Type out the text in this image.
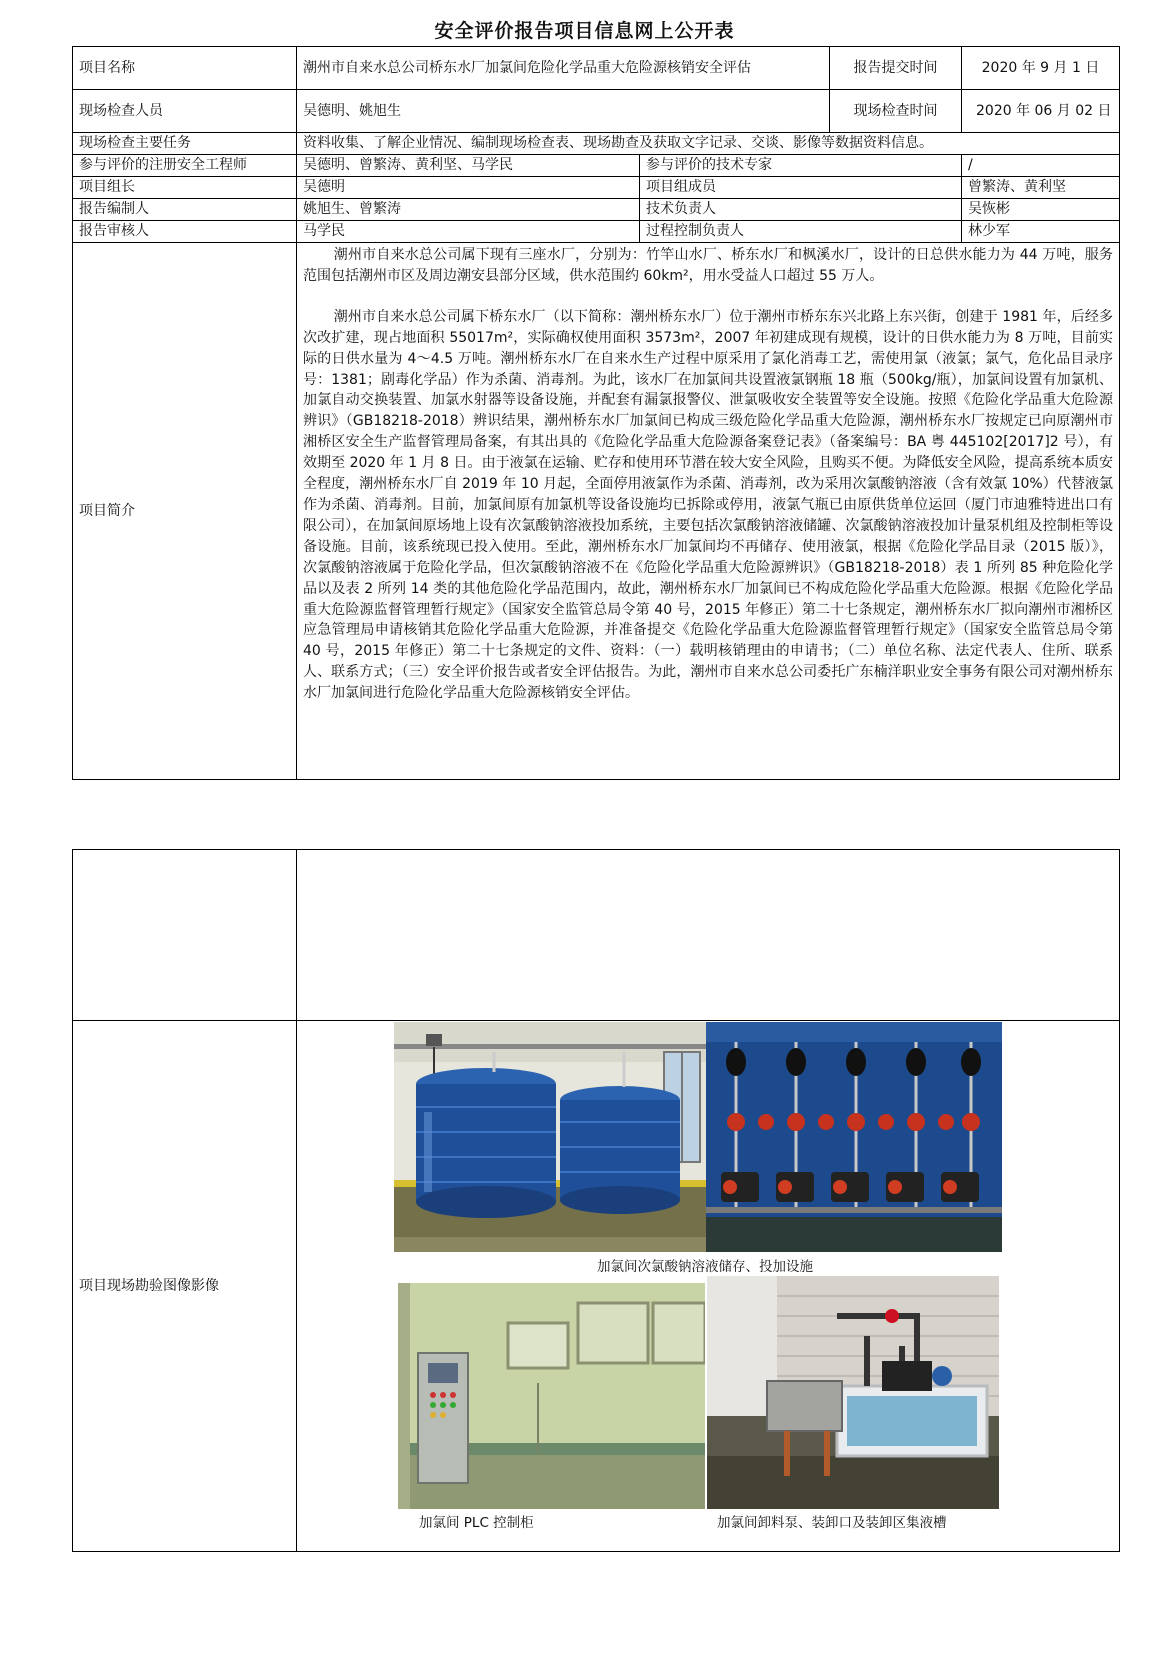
安全评价报告项目信息网上公开表
项目名称	潮州市自来水总公司桥东水厂加氯间危险化学品重大危险源核销安全评估		报告提交时间	2020 年 9 月 1 日
现场检查人员	吴德明、姚旭生		现场检查时间	2020 年 06 月 02 日
现场检查主要任务	资料收集、了解企业情况、编制现场检查表、现场勘查及获取文字记录、交谈、影像等数据资料信息。			
参与评价的注册安全工程师	吴德明、曾繁涛、黄利坚、马学民	参与评价的技术专家		/
项目组长	吴德明	项目组成员		曾繁涛、黄利坚
报告编制人	姚旭生、曾繁涛	技术负责人		吴恢彬
报告审核人	马学民	过程控制负责人		林少军
项目简介	潮州市自来水总公司属下现有三座水厂，分别为：竹竿山水厂、桥东水厂和枫溪水厂，设计的日总供水能力为 44 万吨，服务范围包括潮州市区及周边潮安县部分区域，供水范围约 60km²，用水受益人口超过 55 万人。

潮州市自来水总公司属下桥东水厂（以下简称：潮州桥东水厂）位于潮州市桥东东兴北路上东兴街，创建于 1981 年，后经多次改扩建，现占地面积 55017m²，实际确权使用面积 3573m²，2007 年初建成现有规模，设计的日供水能力为 8 万吨，目前实际的日供水量为 4～4.5 万吨。潮州桥东水厂在自来水生产过程中原采用了氯化消毒工艺，需使用氯（液氯；氯气，危化品目录序号：1381；剧毒化学品）作为杀菌、消毒剂。为此，该水厂在加氯间共设置液氯钢瓶 18 瓶（500kg/瓶），加氯间设置有加氯机、加氯自动交换装置、加氯水射器等设备设施，并配套有漏氯报警仪、泄氯吸收安全装置等安全设施。按照《危险化学品重大危险源辨识》（GB18218-2018）辨识结果，潮州桥东水厂加氯间已构成三级危险化学品重大危险源，潮州桥东水厂按规定已向原潮州市湘桥区安全生产监督管理局备案，有其出具的《危险化学品重大危险源备案登记表》（备案编号：BA 粤 445102[2017]2 号），有效期至 2020 年 1 月 8 日。由于液氯在运输、贮存和使用环节潜在较大安全风险，且购买不便。为降低安全风险，提高系统本质安全程度，潮州桥东水厂自 2019 年 10 月起，全面停用液氯作为杀菌、消毒剂，改为采用次氯酸钠溶液（含有效氯 10%）代替液氯作为杀菌、消毒剂。目前，加氯间原有加氯机等设备设施均已拆除或停用，液氯气瓶已由原供货单位运回（厦门市迪雅特进出口有限公司），在加氯间原场地上设有次氯酸钠溶液投加系统，主要包括次氯酸钠溶液储罐、次氯酸钠溶液投加计量泵机组及控制柜等设备设施。目前，该系统现已投入使用。至此，潮州桥东水厂加氯间均不再储存、使用液氯，根据《危险化学品目录（2015 版）》，次氯酸钠溶液属于危险化学品，但次氯酸钠溶液不在《危险化学品重大危险源辨识》（GB18218-2018）表 1 所列 85 种危险化学品以及表 2 所列 14 类的其他危险化学品范围内，故此，潮州桥东水厂加氯间已不构成危险化学品重大危险源。根据《危险化学品重大危险源监督管理暂行规定》（国家安全监管总局令第 40 号，2015 年修正）第二十七条规定，潮州桥东水厂拟向潮州市湘桥区应急管理局申请核销其危险化学品重大危险源，并准备提交《危险化学品重大危险源监督管理暂行规定》（国家安全监管总局令第 40 号，2015 年修正）第二十七条规定的文件、资料：（一）载明核销理由的申请书；（二）单位名称、法定代表人、住所、联系人、联系方式；（三）安全评价报告或者安全评估报告。为此，潮州市自来水总公司委托广东楠洋职业安全事务有限公司对潮州桥东水厂加氯间进行危险化学品重大危险源核销安全评估。			

项目现场勘验图像影像	加氯间次氯酸钠溶液储存、投加设施
加氯间 PLC 控制柜 加氯间卸料泵、装卸口及装卸区集液槽
